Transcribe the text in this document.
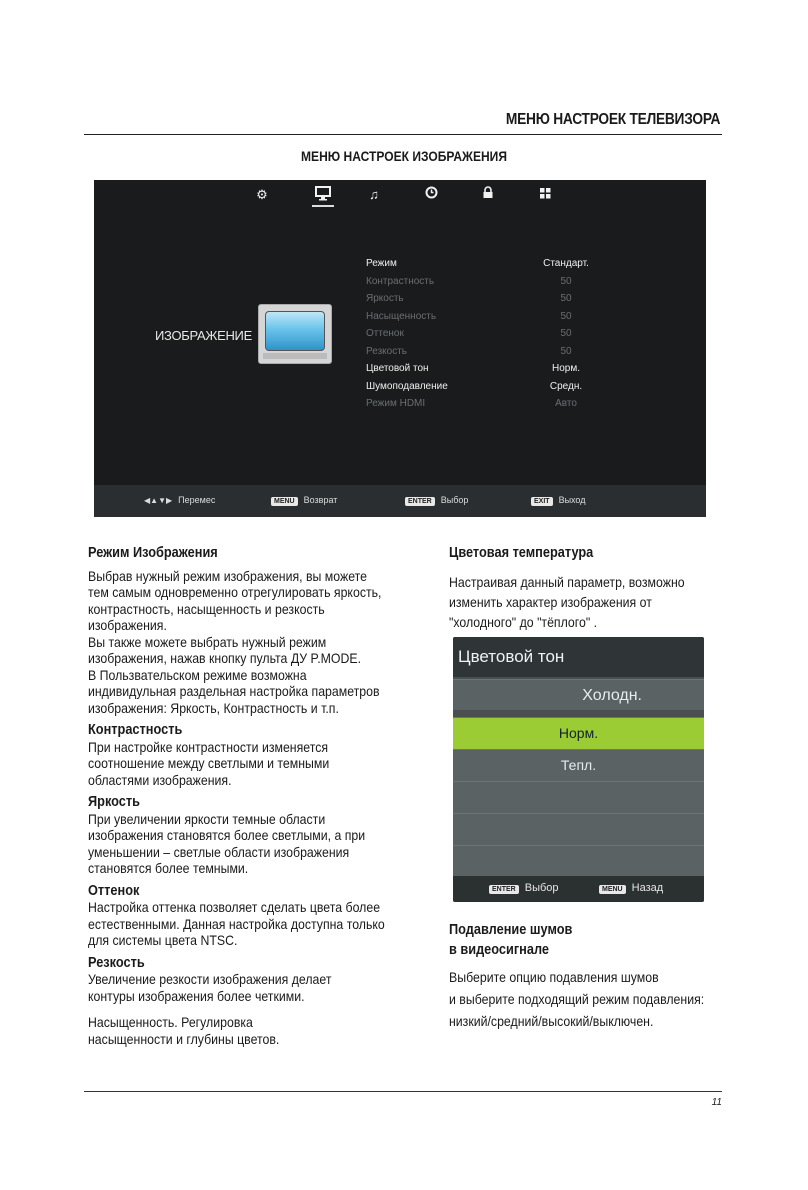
МЕНЮ НАСТРОЕК ТЕЛЕВИЗОРА
МЕНЮ НАСТРОЕК ИЗОБРАЖЕНИЯ
⚙	♫
ИЗОБРАЖЕНИЕ
Режим	Стандарт.
Контрастность	50
Яркость	50
Насыщенность	50
Оттенок	50
Резкость	50
Цветовой тон	Норм.
Шумоподавление	Средн.
Режим HDMI	Авто
◀▲▼▶ Перемес	MENU Возврат	ENTER Выбор	EXIT Выход

Режим Изображения

Выбрав нужный режим изображения, вы можете

тем самым одновременно отрегулировать яркость,

контрастность, насыщенность и резкость

изображения.

Вы также можете выбрать нужный режим

изображения, нажав кнопку пульта ДУ P.MODE.

В Пользвательском режиме возможна

индивидульная раздельная настройка параметров

изображения: Яркость, Контрастность и т.п.

Контрастность

При настройке контрастности изменяется

соотношение между светлыми и темными

областями изображения.

Яркость

При увеличении яркости темные области

изображения становятся более светлыми, а при

уменьшении – светлые области изображения

становятся более темными.

Оттенок

Настройка оттенка позволяет сделать цвета более

естественными. Данная настройка доступна только

для системы цвета NTSC.

Резкость

Увеличение резкости изображения делает

контуры изображения более четкими.

Насыщенность. Регулировка

насыщенности и глубины цветов.

Цветовая температура

Настраивая данный параметр, возможно

изменить характер изображения от

"холодного" до "тёплого" .

Цветовой тон
Холодн.
Норм.
Тепл.
ENTER Выбор	MENU Назад

Подавление шумов

в видеосигнале

Выберите опцию подавления шумов

и выберите подходящий режим подавления:

низкий/средний/высокий/выключен.

11
